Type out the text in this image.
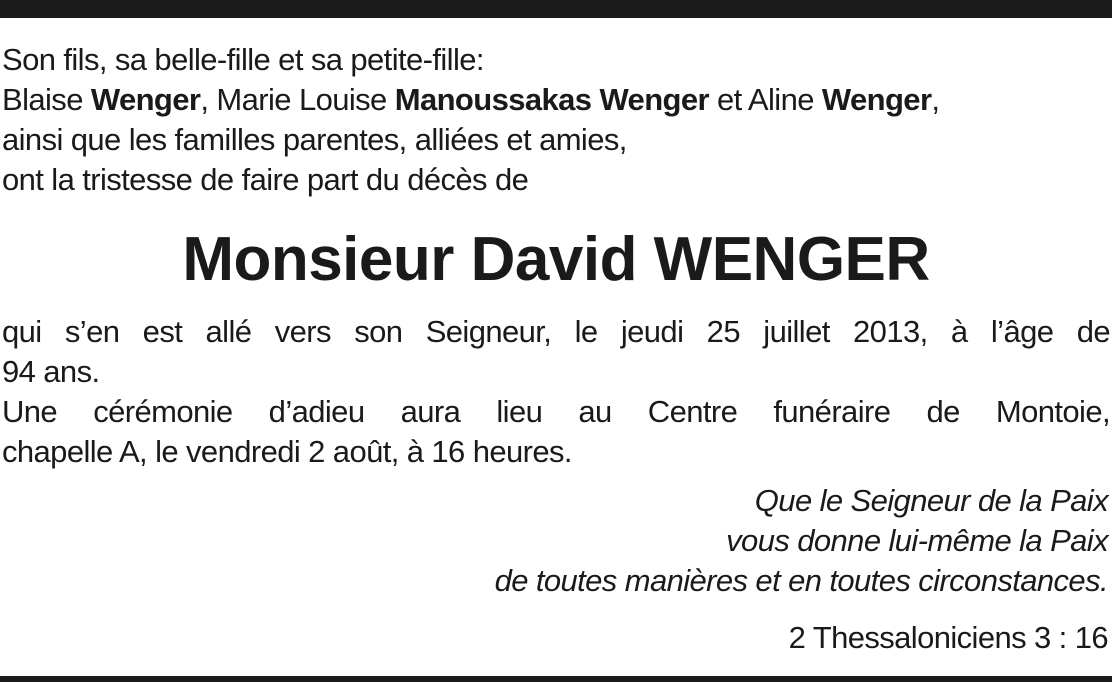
Son fils, sa belle-fille et sa petite-fille:
Blaise Wenger, Marie Louise Manoussakas Wenger et Aline Wenger,
ainsi que les familles parentes, alliées et amies,
ont la tristesse de faire part du décès de
Monsieur David WENGER
qui s’en est allé vers son Seigneur, le jeudi 25 juillet 2013, à l’âge de
94 ans.
Une cérémonie d’adieu aura lieu au Centre funéraire de Montoie,
chapelle A, le vendredi 2 août, à 16 heures.
Que le Seigneur de la Paix
vous donne lui-même la Paix
de toutes manières et en toutes circonstances.
2 Thessaloniciens 3 : 16
